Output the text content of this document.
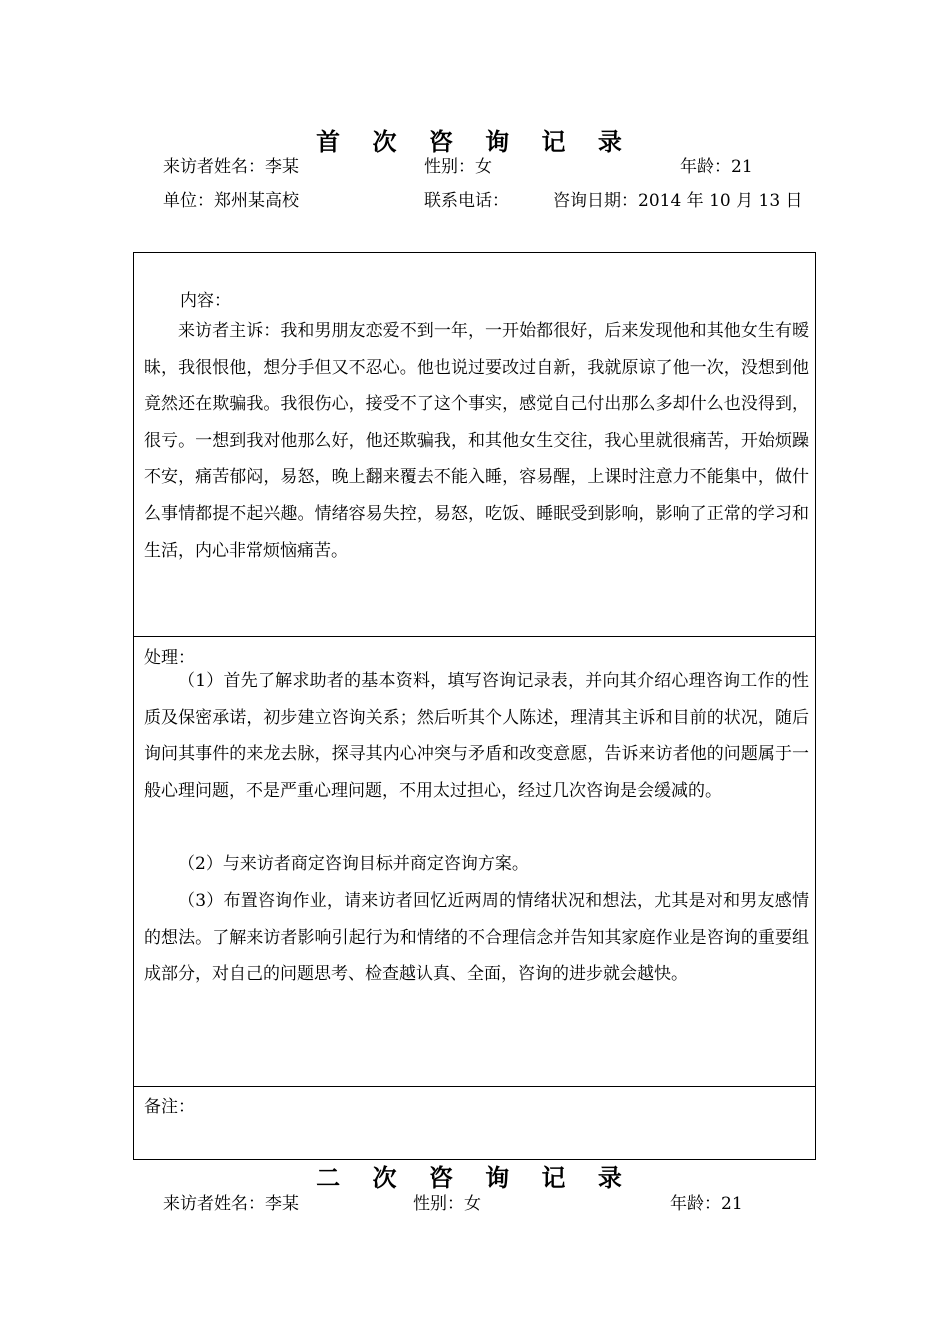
首 次 咨 询 记 录
来访者姓名：李某	性别：女	年龄：21
单位：郑州某高校	联系电话：	咨询日期：2014 年 10 月 13 日
内容：

来访者主诉：我和男朋友恋爱不到一年，一开始都很好，后来发现他和其他女生有暧昧，我很恨他，想分手但又不忍心。他也说过要改过自新，我就原谅了他一次，没想到他竟然还在欺骗我。我很伤心，接受不了这个事实，感觉自己付出那么多却什么也没得到，很亏。一想到我对他那么好，他还欺骗我，和其他女生交往，我心里就很痛苦，开始烦躁不安，痛苦郁闷，易怒，晚上翻来覆去不能入睡，容易醒，上课时注意力不能集中，做什么事情都提不起兴趣。情绪容易失控，易怒，吃饭、睡眠受到影响，影响了正常的学习和生活，内心非常烦恼痛苦。

处理：

（1）首先了解求助者的基本资料，填写咨询记录表，并向其介绍心理咨询工作的性质及保密承诺，初步建立咨询关系；然后听其个人陈述，理清其主诉和目前的状况，随后询问其事件的来龙去脉，探寻其内心冲突与矛盾和改变意愿，告诉来访者他的问题属于一般心理问题，不是严重心理问题，不用太过担心，经过几次咨询是会缓减的。

（2）与来访者商定咨询目标并商定咨询方案。

（3）布置咨询作业，请来访者回忆近两周的情绪状况和想法，尤其是对和男友感情的想法。了解来访者影响引起行为和情绪的不合理信念并告知其家庭作业是咨询的重要组成部分，对自己的问题思考、检查越认真、全面，咨询的进步就会越快。

备注：
二 次 咨 询 记 录
来访者姓名：李某	性别：女	年龄：21
